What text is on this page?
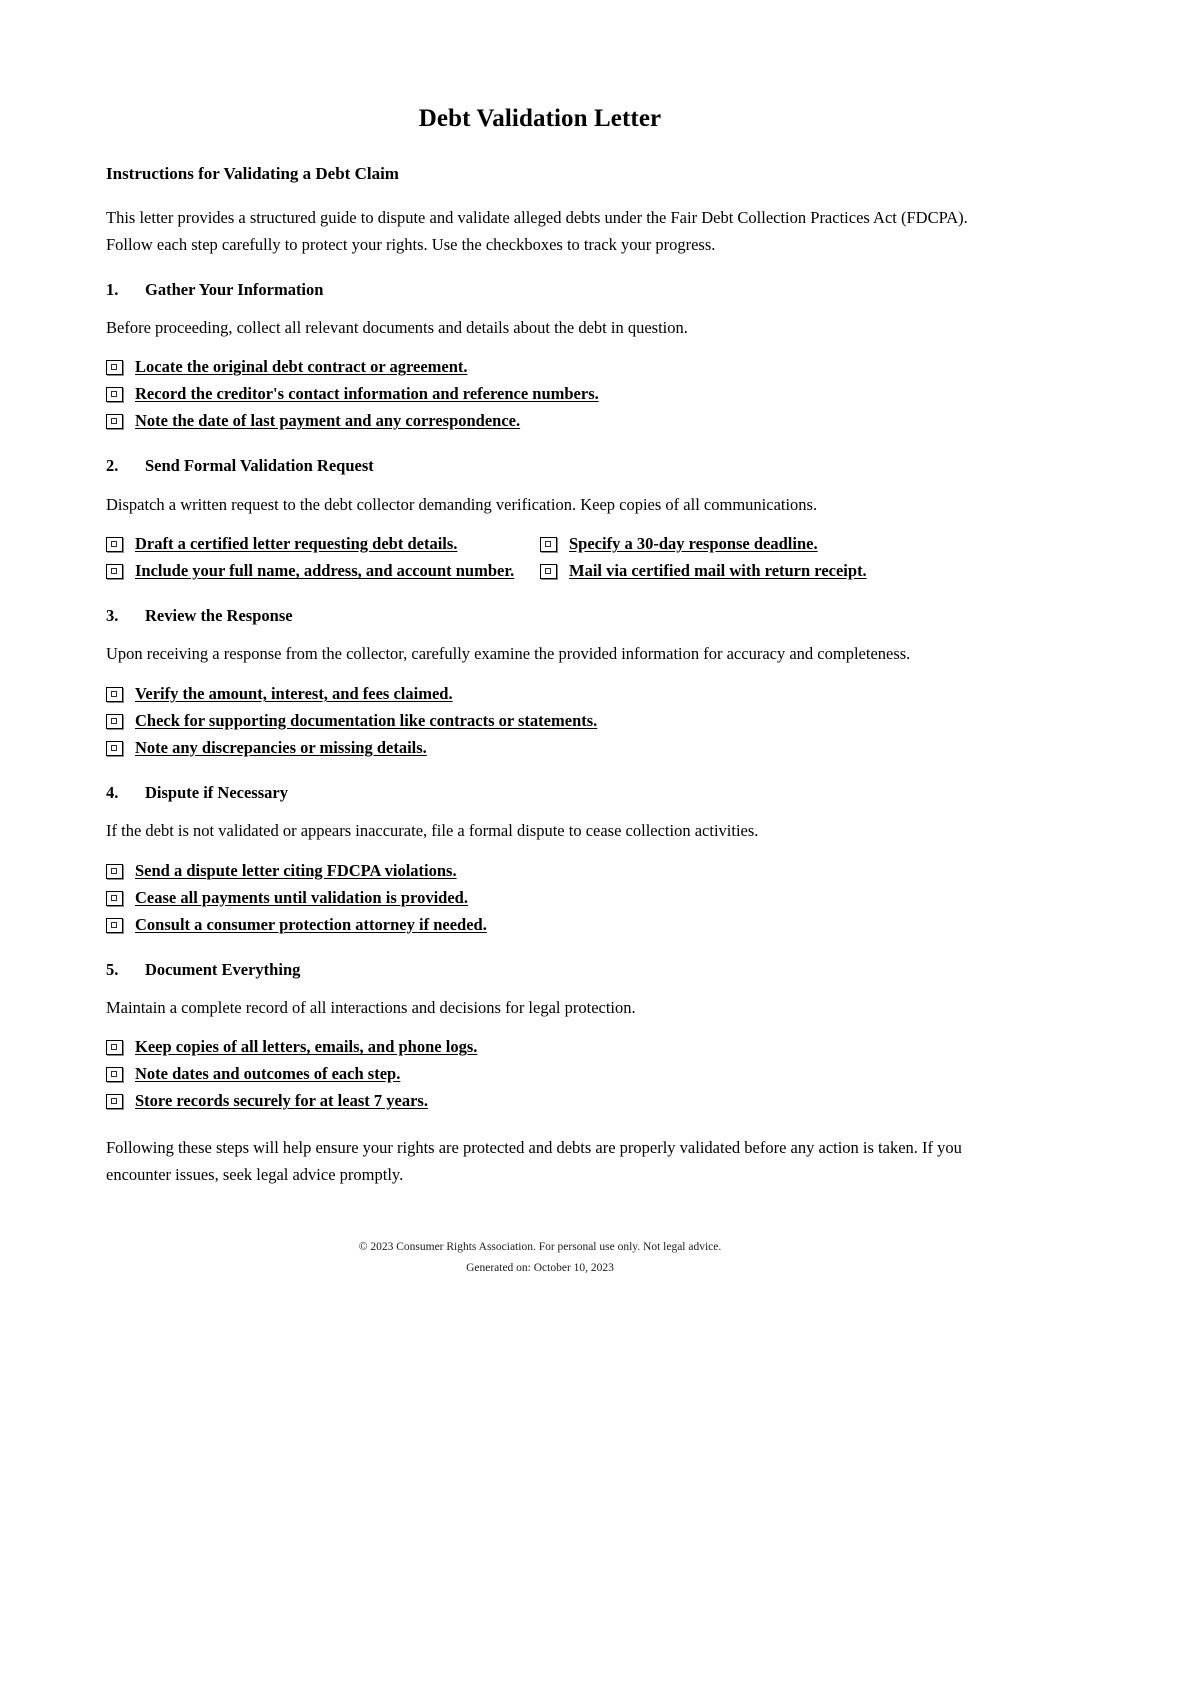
Debt Validation Letter
Instructions for Validating a Debt Claim

This letter provides a structured guide to dispute and validate alleged debts under the Fair Debt Collection Practices Act (FDCPA). Follow each step carefully to protect your rights. Use the checkboxes to track your progress.

1.	Gather Your Information

Before proceeding, collect all relevant documents and details about the debt in question.

Locate the original debt contract or agreement.
Record the creditor's contact information and reference numbers.
Note the date of last payment and any correspondence.
2.	Send Formal Validation Request

Dispatch a written request to the debt collector demanding verification. Keep copies of all communications.

Draft a certified letter requesting debt details.	Specify a 30-day response deadline.
Include your full name, address, and account number.	Mail via certified mail with return receipt.
3.	Review the Response

Upon receiving a response from the collector, carefully examine the provided information for accuracy and completeness.

Verify the amount, interest, and fees claimed.
Check for supporting documentation like contracts or statements.
Note any discrepancies or missing details.
4.	Dispute if Necessary

If the debt is not validated or appears inaccurate, file a formal dispute to cease collection activities.

Send a dispute letter citing FDCPA violations.
Cease all payments until validation is provided.
Consult a consumer protection attorney if needed.
5.	Document Everything

Maintain a complete record of all interactions and decisions for legal protection.

Keep copies of all letters, emails, and phone logs.
Note dates and outcomes of each step.
Store records securely for at least 7 years.

Following these steps will help ensure your rights are protected and debts are properly validated before any action is taken. If you encounter issues, seek legal advice promptly.

© 2023 Consumer Rights Association. For personal use only. Not legal advice.

Generated on: October 10, 2023
